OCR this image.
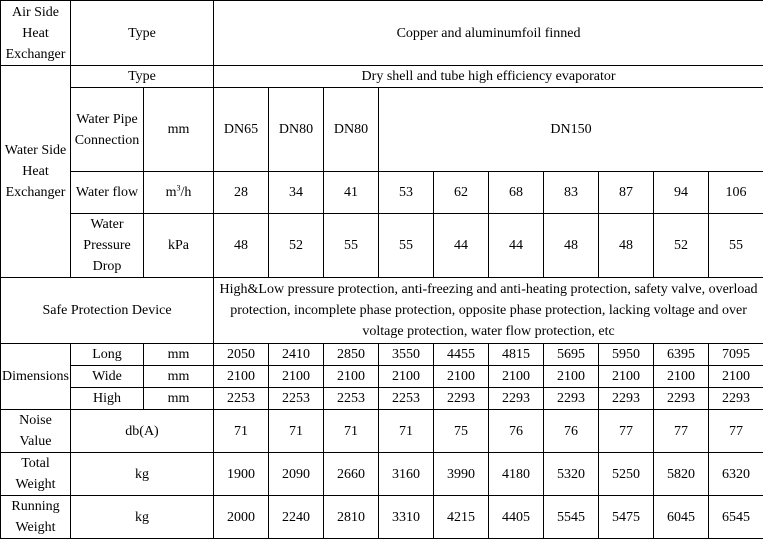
Air Side Heat Exchanger	Type		Copper and aluminumfoil finned									
Water Side Heat Exchanger	Type		Dry shell and tube high efficiency evaporator									
	Water Pipe Connection	mm	DN65	DN80	DN80	DN150						
	Water flow	$m^3/h$	28	34	41	53	62	68	83	87	94	106
	Water Pressure Drop	kPa	48	52	55	55	44	44	48	48	52	55
Safe Protection Device			High&Low pressure protection, anti-freezing and anti-heating protection, safety valve, overload protection, incomplete phase protection, opposite phase protection, lacking voltage and over voltage protection, water flow protection, etc									
Dimensions	Long	mm	2050	2410	2850	3550	4455	4815	5695	5950	6395	7095
	Wide	mm	2100	2100	2100	2100	2100	2100	2100	2100	2100	2100
	High	mm	2253	2253	2253	2253	2293	2293	2293	2293	2293	2293
Noise Value	db(A)		71	71	71	71	75	76	76	77	77	77
Total Weight	kg		1900	2090	2660	3160	3990	4180	5320	5250	5820	6320
Running Weight	kg		2000	2240	2810	3310	4215	4405	5545	5475	6045	6545
